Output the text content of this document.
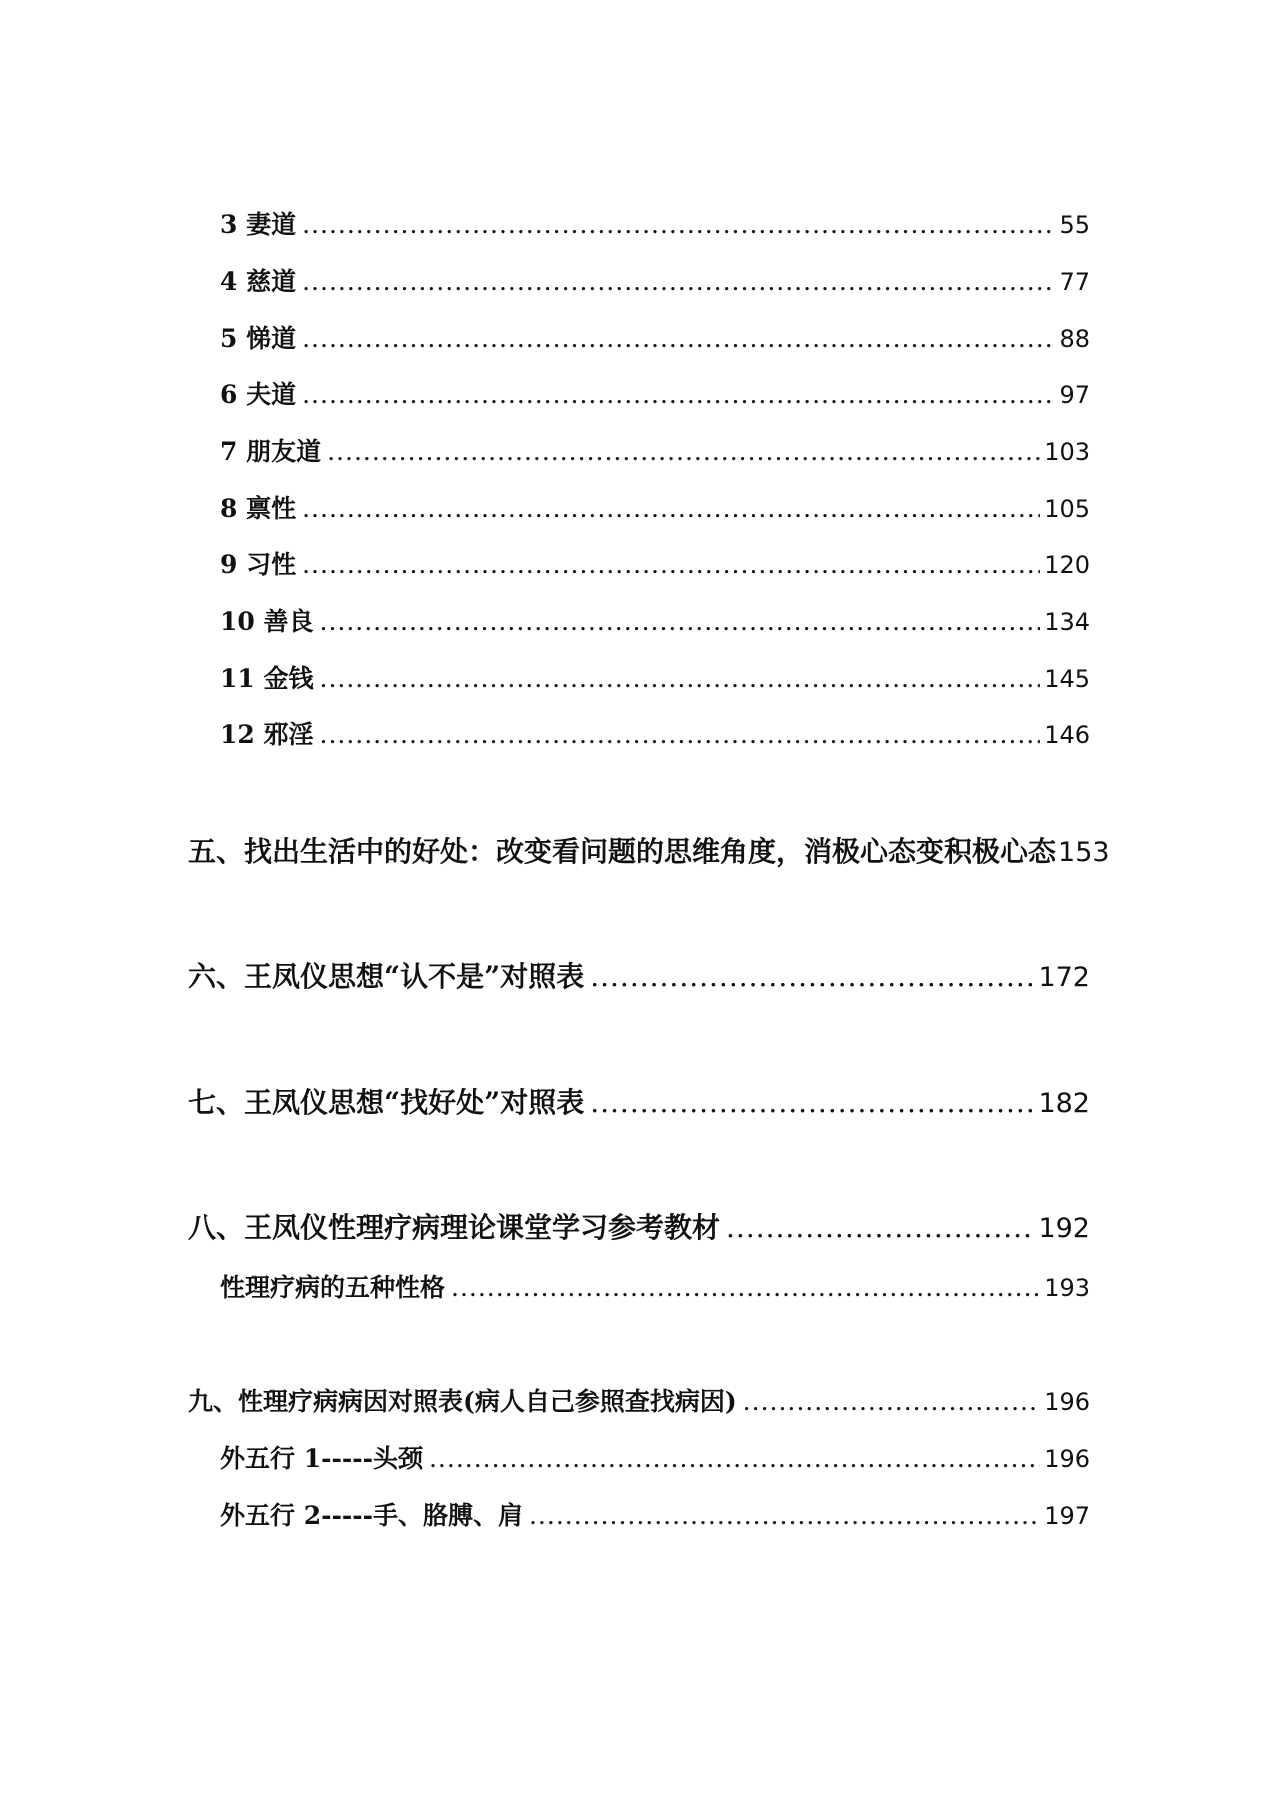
3 妻道 .....	55
4 慈道 .....	77
5 悌道 .....	88
6 夫道 .....	97
7 朋友道 .....	103
8 禀性 .....	105
9 习性 .....	120
10 善良 .....	134
11 金钱 .....	145
12 邪淫 .....	146
五、找出生活中的好处：改变看问题的思维角度，消极心态变积极心态 153
六、王凤仪思想“认不是”对照表 .....	172
七、王凤仪思想“找好处”对照表 .....	182
八、王凤仪性理疗病理论课堂学习参考教材 .....	192
性理疗病的五种性格 .....	193
九、性理疗病病因对照表(病人自己参照查找病因) .....	196
外五行 1-----头颈 .....	196
外五行 2-----手、胳膊、肩 .....	197
